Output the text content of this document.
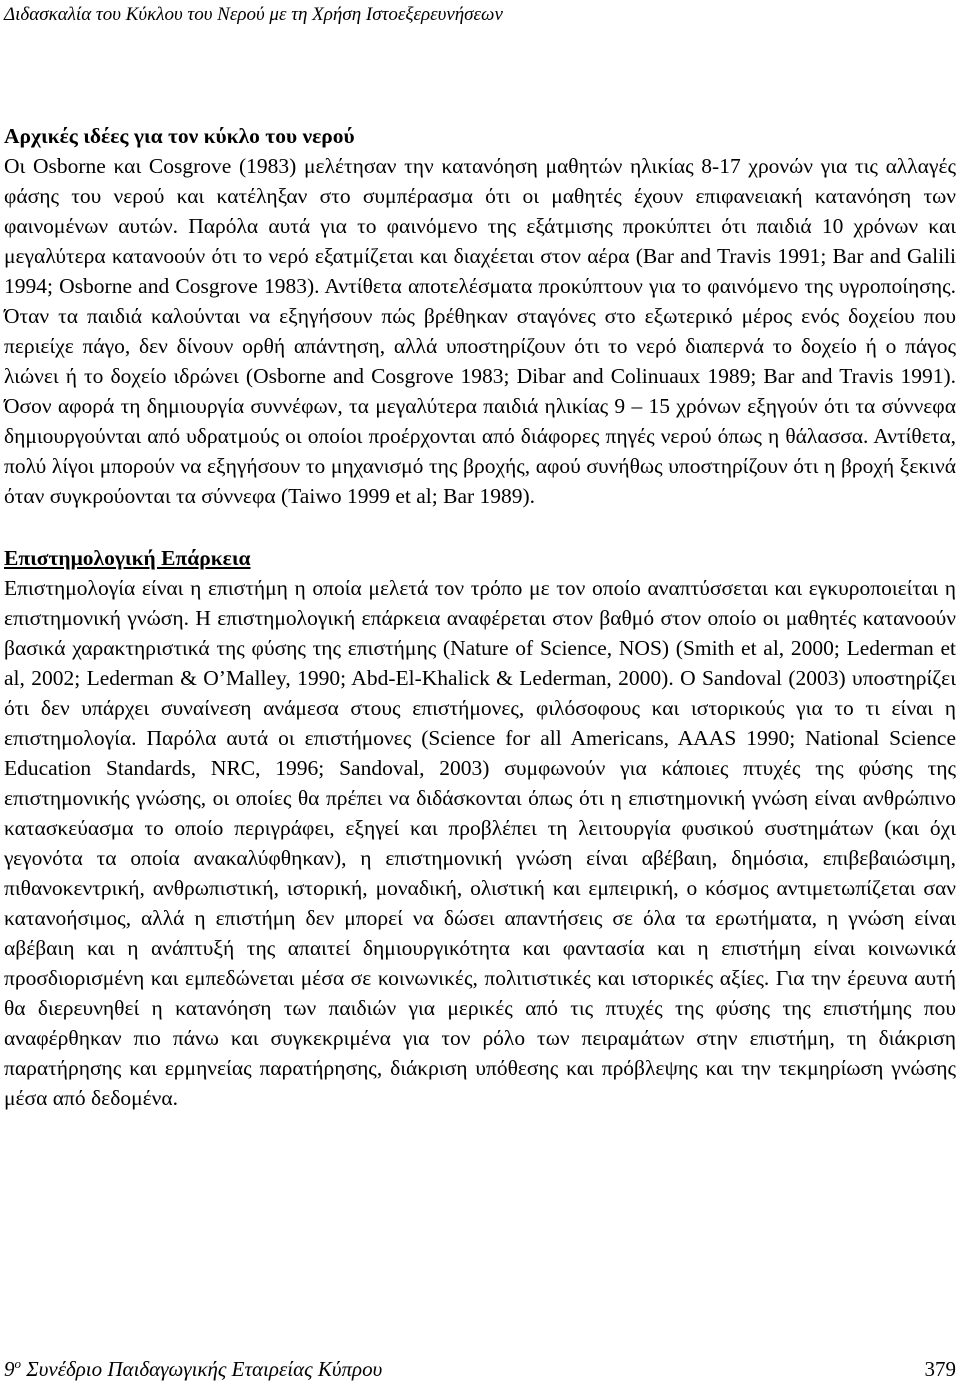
Διδασκαλία του Κύκλου του Νερού με τη Χρήση Ιστοεξερευνήσεων
Αρχικές ιδέες για τον κύκλο του νερού

Οι Osborne και Cosgrove (1983) μελέτησαν την κατανόηση μαθητών ηλικίας 8-17 χρονών για τις αλλαγές φάσης του νερού και κατέληξαν στο συμπέρασμα ότι οι μαθητές έχουν επιφανειακή κατανόηση των φαινομένων αυτών. Παρόλα αυτά για το φαινόμενο της εξάτμισης προκύπτει ότι παιδιά 10 χρόνων και μεγαλύτερα κατανοούν ότι το νερό εξατμίζεται και διαχέεται στον αέρα (Bar and Travis 1991; Bar and Galili 1994; Osborne and Cosgrove 1983). Αντίθετα αποτελέσματα προκύπτουν για το φαινόμενο της υγροποίησης. Όταν τα παιδιά καλούνται να εξηγήσουν πώς βρέθηκαν σταγόνες στο εξωτερικό μέρος ενός δοχείου που περιείχε πάγο, δεν δίνουν ορθή απάντηση, αλλά υποστηρίζουν ότι το νερό διαπερνά το δοχείο ή ο πάγος λιώνει ή το δοχείο ιδρώνει (Osborne and Cosgrove 1983; Dibar and Colinuaux 1989; Bar and Travis 1991). Όσον αφορά τη δημιουργία συννέφων, τα μεγαλύτερα παιδιά ηλικίας 9 – 15 χρόνων εξηγούν ότι τα σύννεφα δημιουργούνται από υδρατμούς οι οποίοι προέρχονται από διάφορες πηγές νερού όπως η θάλασσα. Αντίθετα, πολύ λίγοι μπορούν να εξηγήσουν το μηχανισμό της βροχής, αφού συνήθως υποστηρίζουν ότι η βροχή ξεκινά όταν συγκρούονται τα σύννεφα (Taiwo 1999 et al; Bar 1989).

Επιστημολογική Επάρκεια

Επιστημολογία είναι η επιστήμη η οποία μελετά τον τρόπο με τον οποίο αναπτύσσεται και εγκυροποιείται η επιστημονική γνώση. Η επιστημολογική επάρκεια αναφέρεται στον βαθμό στον οποίο οι μαθητές κατανοούν βασικά χαρακτηριστικά της φύσης της επιστήμης (Nature of Science, NOS) (Smith et al, 2000; Lederman et al, 2002; Lederman & O’Malley, 1990; Abd-El-Khalick & Lederman, 2000). O Sandoval (2003) υποστηρίζει ότι δεν υπάρχει συναίνεση ανάμεσα στους επιστήμονες, φιλόσοφους και ιστορικούς για το τι είναι η επιστημολογία. Παρόλα αυτά οι επιστήμονες (Science for all Americans, AAAS 1990; National Science Education Standards, NRC, 1996; Sandoval, 2003) συμφωνούν για κάποιες πτυχές της φύσης της επιστημονικής γνώσης, οι οποίες θα πρέπει να διδάσκονται όπως ότι η επιστημονική γνώση είναι ανθρώπινο κατασκεύασμα το οποίο περιγράφει, εξηγεί και προβλέπει τη λειτουργία φυσικού συστημάτων (και όχι γεγονότα τα οποία ανακαλύφθηκαν), η επιστημονική γνώση είναι αβέβαιη, δημόσια, επιβεβαιώσιμη, πιθανοκεντρική, ανθρωπιστική, ιστορική, μοναδική, ολιστική και εμπειρική, ο κόσμος αντιμετωπίζεται σαν κατανοήσιμος, αλλά η επιστήμη δεν μπορεί να δώσει απαντήσεις σε όλα τα ερωτήματα, η γνώση είναι αβέβαιη και η ανάπτυξή της απαιτεί δημιουργικότητα και φαντασία και η επιστήμη είναι κοινωνικά προσδιορισμένη και εμπεδώνεται μέσα σε κοινωνικές, πολιτιστικές και ιστορικές αξίες. Για την έρευνα αυτή θα διερευνηθεί η κατανόηση των παιδιών για μερικές από τις πτυχές της φύσης της επιστήμης που αναφέρθηκαν πιο πάνω και συγκεκριμένα για τον ρόλο των πειραμάτων στην επιστήμη, τη διάκριση παρατήρησης και ερμηνείας παρατήρησης, διάκριση υπόθεσης και πρόβλεψης και την τεκμηρίωση γνώσης μέσα από δεδομένα.

$9^o$ Συνέδριο Παιδαγωγικής Εταιρείας Κύπρου	379
